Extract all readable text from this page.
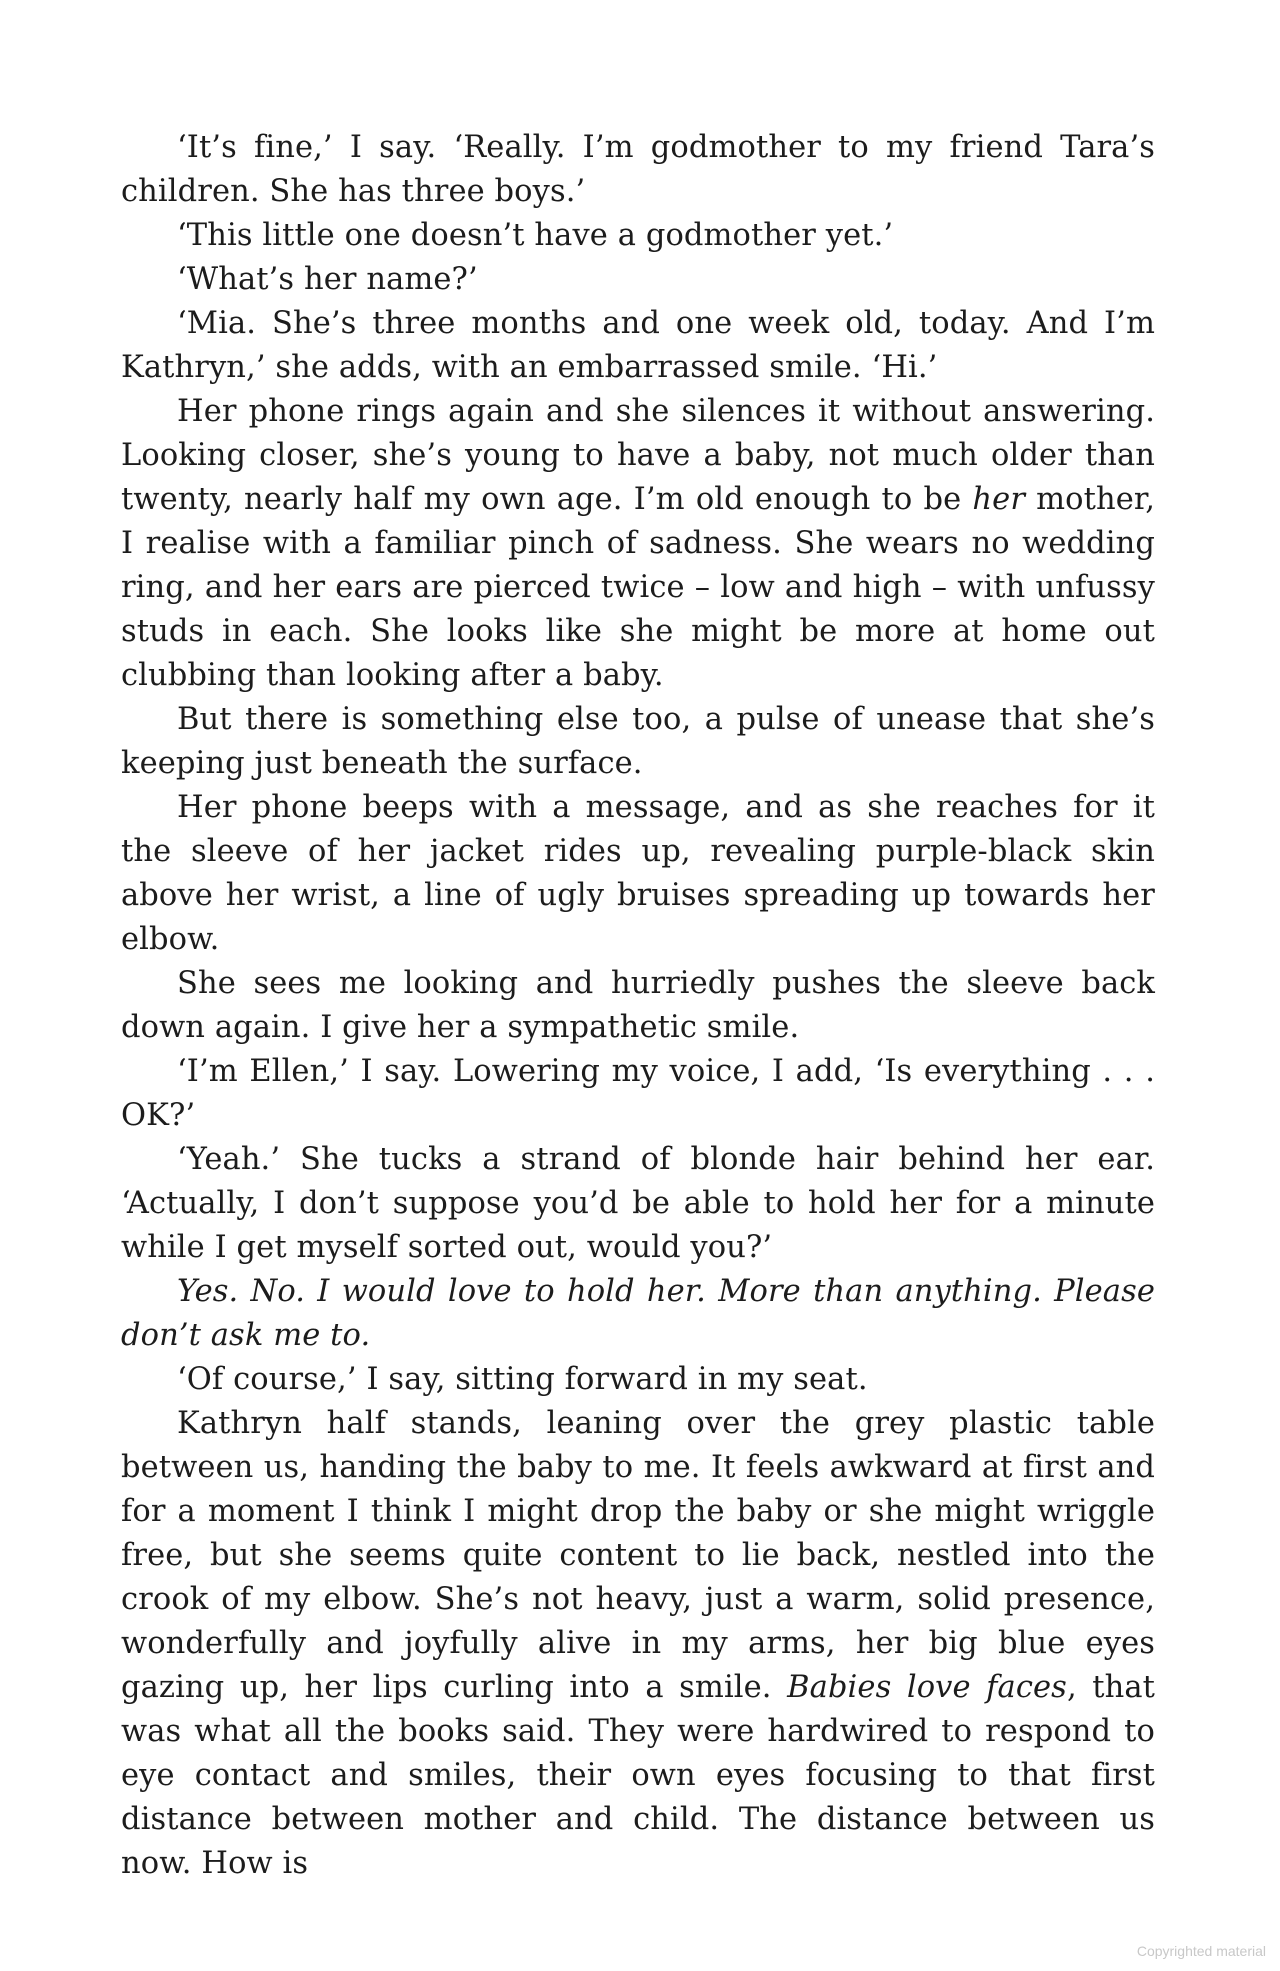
‘It’s fine,’ I say. ‘Really. I’m godmother to my friend Tara’s children. She has three boys.’

‘This little one doesn’t have a godmother yet.’

‘What’s her name?’

‘Mia. She’s three months and one week old, today. And I’m Kathryn,’ she adds, with an embarrassed smile. ‘Hi.’

Her phone rings again and she silences it without answering. Looking closer, she’s young to have a baby, not much older than twenty, nearly half my own age. I’m old enough to be her mother, I realise with a familiar pinch of sadness. She wears no wedding ring, and her ears are pierced twice – low and high – with unfussy studs in each. She looks like she might be more at home out clubbing than looking after a baby.

But there is something else too, a pulse of unease that she’s keeping just beneath the surface.

Her phone beeps with a message, and as she reaches for it the sleeve of her jacket rides up, revealing purple-black skin above her wrist, a line of ugly bruises spreading up towards her elbow.

She sees me looking and hurriedly pushes the sleeve back down again. I give her a sympathetic smile.

‘I’m Ellen,’ I say. Lowering my voice, I add, ‘Is everything . . . OK?’

‘Yeah.’ She tucks a strand of blonde hair behind her ear. ‘Actually, I don’t suppose you’d be able to hold her for a minute while I get myself sorted out, would you?’

Yes. No. I would love to hold her. More than anything. Please don’t ask me to.

‘Of course,’ I say, sitting forward in my seat.

Kathryn half stands, leaning over the grey plastic table between us, handing the baby to me. It feels awkward at first and for a moment I think I might drop the baby or she might wriggle free, but she seems quite content to lie back, nestled into the crook of my elbow. She’s not heavy, just a warm, solid presence, wonderfully and joyfully alive in my arms, her big blue eyes gazing up, her lips curling into a smile. Babies love faces, that was what all the books said. They were hardwired to respond to eye contact and smiles, their own eyes focusing to that first distance between mother and child. The distance between us now. How is

Copyrighted material
